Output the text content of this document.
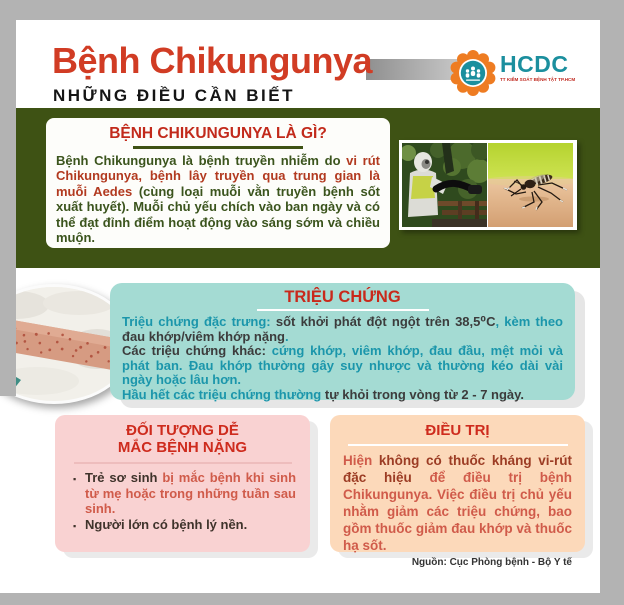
Bệnh Chikungunya	HCDC
TT KIỂM SOÁT BỆNH TẬT TP.HCM
NHỮNG ĐIỀU CẦN BIẾT
BỆNH CHIKUNGUNYA LÀ GÌ?

Bệnh Chikungunya là bệnh truyền nhiễm do vi rút Chikungunya, bệnh lây truyền qua trung gian là muỗi Aedes (cùng loại muỗi vằn truyền bệnh sốt xuất huyết). Muỗi chủ yếu chích vào ban ngày và có thể đạt đỉnh điểm hoạt động vào sáng sớm và chiều muộn.

TRIỆU CHỨNG

Triệu chứng đặc trưng: sốt khởi phát đột ngột trên 38,5⁰C, kèm theo đau khớp/viêm khớp nặng.

Các triệu chứng khác: cứng khớp, viêm khớp, đau đầu, mệt mỏi và phát ban. Đau khớp thường gây suy nhược và thường kéo dài vài ngày hoặc lâu hơn.

Hầu hết các triệu chứng thường tự khỏi trong vòng từ 2 - 7 ngày.

ĐỐI TƯỢNG DỄ
MẮC BỆNH NẶNG
▪ Trẻ sơ sinh bị mắc bệnh khi sinh từ mẹ hoặc trong những tuần sau sinh.
▪ Người lớn có bệnh lý nền.
ĐIỀU TRỊ

Hiện không có thuốc kháng vi-rút đặc hiệu để điều trị bệnh Chikungunya. Việc điều trị chủ yếu nhằm giảm các triệu chứng, bao gồm thuốc giảm đau khớp và thuốc hạ sốt.

Nguồn: Cục Phòng bệnh - Bộ Y tế
